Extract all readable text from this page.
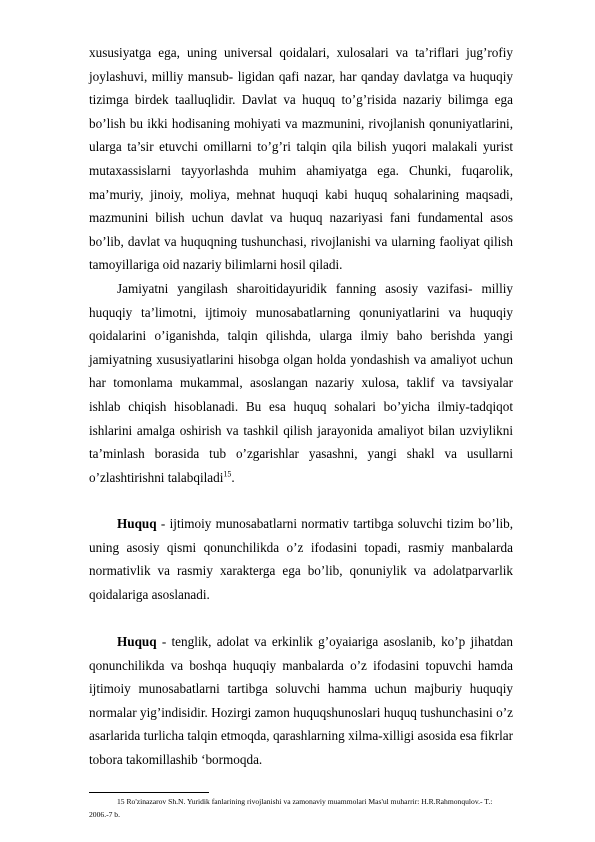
xususiyatga ega, uning universal qoidalari, xulosalari va ta’riflari jug’rofiy joylashuvi, milliy mansub- ligidan qafi nazar, har qanday davlatga va huquqiy tizimga birdek taalluqlidir. Davlat va huquq to’g’risida nazariy bilimga ega bo’lish bu ikki hodisaning mohiyati va mazmunini, rivojlanish qonuniyatlarini, ularga ta’sir etuvchi omillarni to’g’ri talqin qila bilish yuqori malakali yurist mutaxassislarni tayyorlashda muhim ahamiyatga ega. Chunki, fuqarolik, ma’muriy, jinoiy, moliya, mehnat huquqi kabi huquq sohalarining maqsadi, mazmunini bilish uchun davlat va huquq nazariyasi fani fundamental asos bo’lib, davlat va huquqning tushunchasi, rivojlanishi va ularning faoliyat qilish tamoyillariga oid nazariy bilimlarni hosil qiladi.

Jamiyatni yangilash sharoitidayuridik fanning asosiy vazifasi- milliy huquqiy ta’limotni, ijtimoiy munosabatlarning qonuniyatlarini va huquqiy qoidalarini o’iganishda, talqin qilishda, ularga ilmiy baho berishda yangi jamiyatning xususiyatlarini hisobga olgan holda yondashish va amaliyot uchun har tomonlama mukammal, asoslangan nazariy xulosa, taklif va tavsiyalar ishlab chiqish hisoblanadi. Bu esa huquq sohalari bo’yicha ilmiy-tadqiqot ishlarini amalga oshirish va tashkil qilish jarayonida amaliyot bilan uzviylikni ta’minlash borasida tub o’zgarishlar yasashni, yangi shakl va usullarni o’zlashtirishni talabqiladi$^{15}$.

Huquq - ijtimoiy munosabatlarni normativ tartibga soluvchi tizim bo’lib, uning asosiy qismi qonunchilikda o’z ifodasini topadi, rasmiy manbalarda normativlik va rasmiy xarakterga ega bo’lib, qonuniylik va adolatparvarlik qoidalariga asoslanadi.

Huquq - tenglik, adolat va erkinlik g’oyaiariga asoslanib, ko’p jihatdan qonunchilikda va boshqa huquqiy manbalarda o’z ifodasini topuvchi hamda ijtimoiy munosabatlarni tartibga soluvchi hamma uchun majburiy huquqiy normalar yig’indisidir. Hozirgi zamon huquqshunoslari huquq tushunchasini o’z asarlarida turlicha talqin etmoqda, qarashlarning xilma-xilligi asosida esa fikrlar tobora takomillashib ‘bormoqda.

15 Ro'zinazarov Sh.N. Yuridik fanlarining rivojlanishi va zamonaviy muammolari Mas'ul muharrir: H.R.Rahmonqulov.- T.: 2006.-7 b.
